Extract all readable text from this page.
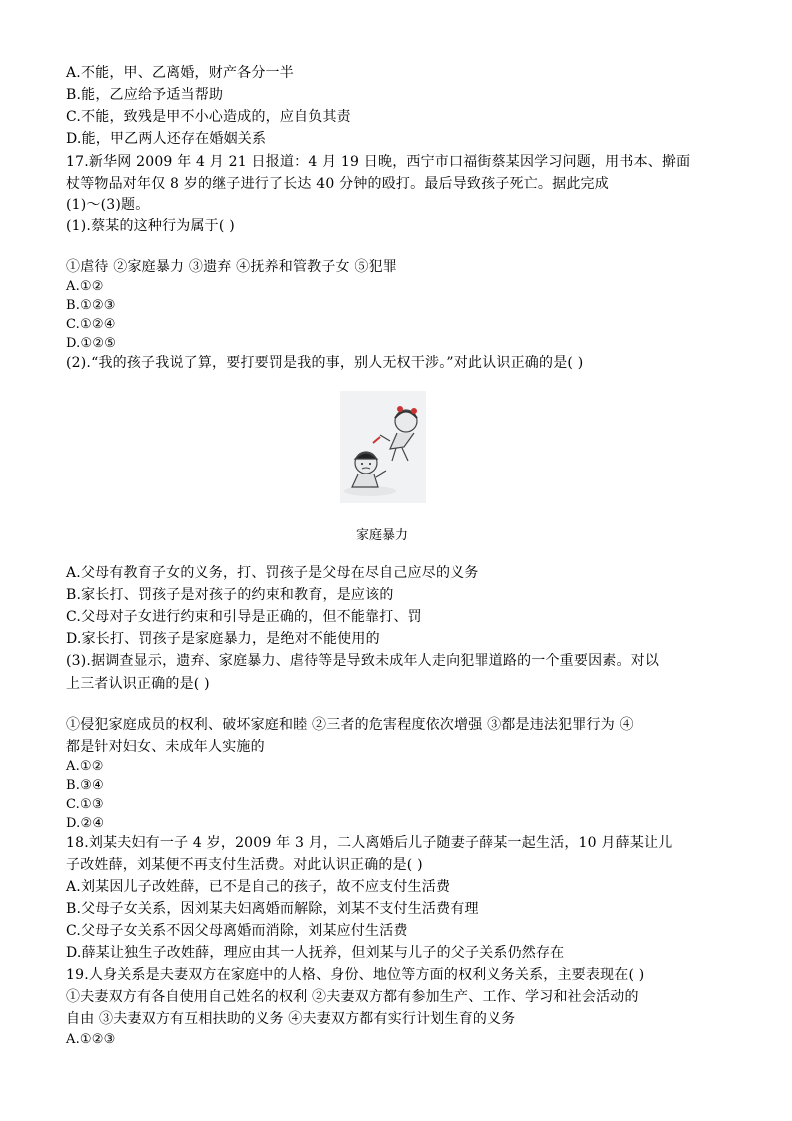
A.不能，甲、乙离婚，财产各分一半
B.能，乙应给予适当帮助
C.不能，致残是甲不小心造成的，应自负其责
D.能，甲乙两人还存在婚姻关系
17.新华网 2009 年 4 月 21 日报道：4 月 19 日晚，西宁市口福街蔡某因学习问题，用书本、擀面
杖等物品对年仅 8 岁的继子进行了长达 40 分钟的殴打。最后导致孩子死亡。据此完成
(1)～(3)题。
(1).蔡某的这种行为属于( )
①虐待 ②家庭暴力 ③遗弃 ④抚养和管教子女 ⑤犯罪
A.①②
B.①②③
C.①②④
D.①②⑤
(2).“我的孩子我说了算，要打要罚是我的事，别人无权干涉。”对此认识正确的是( )
家庭暴力
A.父母有教育子女的义务，打、罚孩子是父母在尽自己应尽的义务
B.家长打、罚孩子是对孩子的约束和教育，是应该的
C.父母对子女进行约束和引导是正确的，但不能靠打、罚
D.家长打、罚孩子是家庭暴力，是绝对不能使用的
(3).据调查显示，遗弃、家庭暴力、虐待等是导致未成年人走向犯罪道路的一个重要因素。对以
上三者认识正确的是( )
①侵犯家庭成员的权利、破坏家庭和睦 ②三者的危害程度依次增强 ③都是违法犯罪行为 ④
都是针对妇女、未成年人实施的
A.①②
B.③④
C.①③
D.②④
18.刘某夫妇有一子 4 岁，2009 年 3 月，二人离婚后儿子随妻子薛某一起生活，10 月薛某让儿
子改姓薛，刘某便不再支付生活费。对此认识正确的是( )
A.刘某因儿子改姓薛，已不是自己的孩子，故不应支付生活费
B.父母子女关系，因刘某夫妇离婚而解除，刘某不支付生活费有理
C.父母子女关系不因父母离婚而消除，刘某应付生活费
D.薛某让独生子改姓薛，理应由其一人抚养，但刘某与儿子的父子关系仍然存在
19.人身关系是夫妻双方在家庭中的人格、身份、地位等方面的权利义务关系，主要表现在( )
①夫妻双方有各自使用自己姓名的权利 ②夫妻双方都有参加生产、工作、学习和社会活动的
自由 ③夫妻双方有互相扶助的义务 ④夫妻双方都有实行计划生育的义务
A.①②③
